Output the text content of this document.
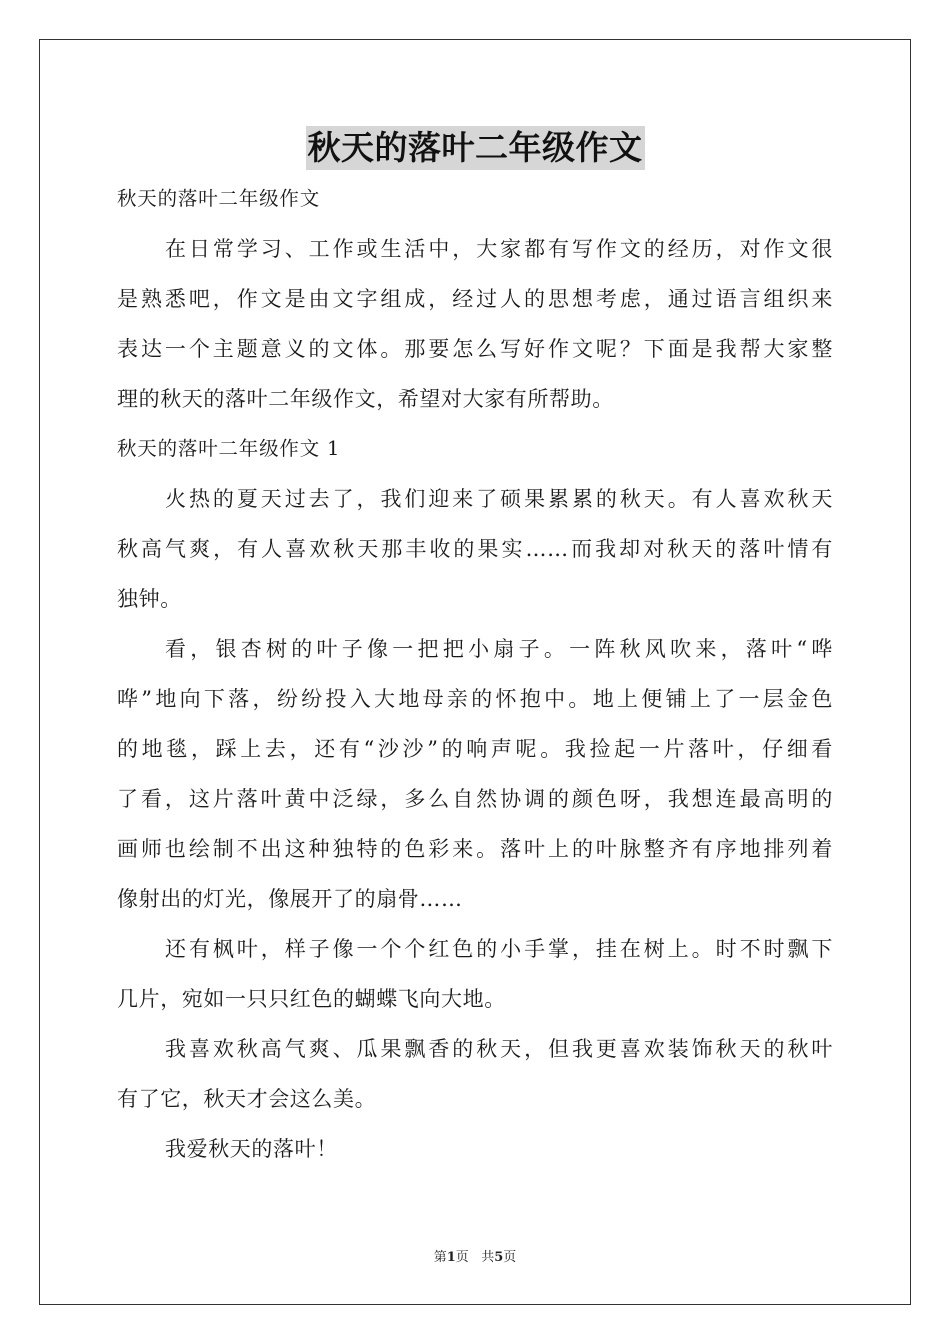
秋天的落叶二年级作文
秋天的落叶二年级作文
在日常学习、工作或生活中，大家都有写作文的经历，对作文很
是熟悉吧，作文是由文字组成，经过人的思想考虑，通过语言组织来
表达一个主题意义的文体。那要怎么写好作文呢？下面是我帮大家整
理的秋天的落叶二年级作文，希望对大家有所帮助。
秋天的落叶二年级作文 1
火热的夏天过去了，我们迎来了硕果累累的秋天。有人喜欢秋天
秋高气爽，有人喜欢秋天那丰收的果实……而我却对秋天的落叶情有
独钟。
看，银杏树的叶子像一把把小扇子。一阵秋风吹来，落叶“哗
哗”地向下落，纷纷投入大地母亲的怀抱中。地上便铺上了一层金色
的地毯，踩上去，还有“沙沙”的响声呢。我捡起一片落叶，仔细看
了看，这片落叶黄中泛绿，多么自然协调的颜色呀，我想连最高明的
画师也绘制不出这种独特的色彩来。落叶上的叶脉整齐有序地排列着
像射出的灯光，像展开了的扇骨……
还有枫叶，样子像一个个红色的小手掌，挂在树上。时不时飘下
几片，宛如一只只红色的蝴蝶飞向大地。
我喜欢秋高气爽、瓜果飘香的秋天，但我更喜欢装饰秋天的秋叶
有了它，秋天才会这么美。
我爱秋天的落叶！
第1页 共5页
